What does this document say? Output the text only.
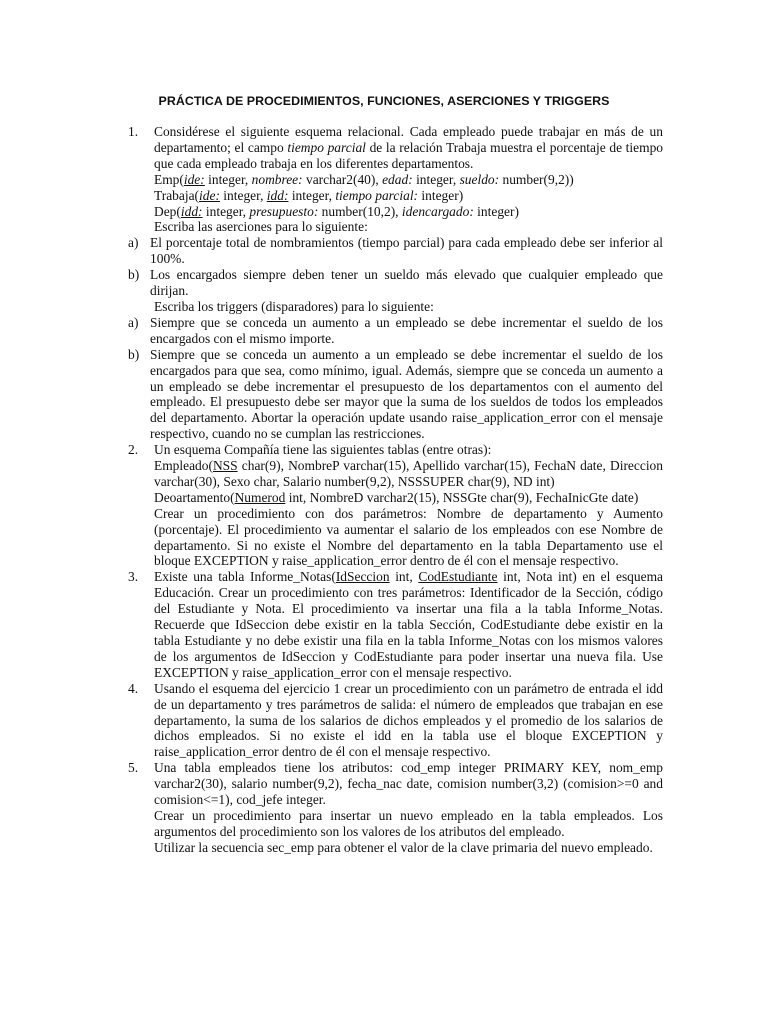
PRÁCTICA DE PROCEDIMIENTOS, FUNCIONES, ASERCIONES Y TRIGGERS
1. Considérese el siguiente esquema relacional. Cada empleado puede trabajar en más de un departamento; el campo tiempo parcial de la relación Trabaja muestra el porcentaje de tiempo que cada empleado trabaja en los diferentes departamentos.

Emp(ide: integer, nombree: varchar2(40), edad: integer, sueldo: number(9,2))

Trabaja(ide: integer, idd: integer, tiempo parcial: integer)

Dep(idd: integer, presupuesto: number(10,2), idencargado: integer)

Escriba las aserciones para lo siguiente:

a) El porcentaje total de nombramientos (tiempo parcial) para cada empleado debe ser inferior al 100%.
b) Los encargados siempre deben tener un sueldo más elevado que cualquier empleado que dirijan.

Escriba los triggers (disparadores) para lo siguiente:

a) Siempre que se conceda un aumento a un empleado se debe incrementar el sueldo de los encargados con el mismo importe.
b) Siempre que se conceda un aumento a un empleado se debe incrementar el sueldo de los encargados para que sea, como mínimo, igual. Además, siempre que se conceda un aumento a un empleado se debe incrementar el presupuesto de los departamentos con el aumento del empleado. El presupuesto debe ser mayor que la suma de los sueldos de todos los empleados del departamento. Abortar la operación update usando raise_application_error con el mensaje respectivo, cuando no se cumplan las restricciones.
2. Un esquema Compañía tiene las siguientes tablas (entre otras):

Empleado(NSS char(9), NombreP varchar(15), Apellido varchar(15), FechaN date, Direccion varchar(30), Sexo char, Salario number(9,2), NSSSUPER char(9), ND int)

Deoartamento(Numerod int, NombreD varchar2(15), NSSGte char(9), FechaInicGte date)

Crear un procedimiento con dos parámetros: Nombre de departamento y Aumento (porcentaje). El procedimiento va aumentar el salario de los empleados con ese Nombre de departamento. Si no existe el Nombre del departamento en la tabla Departamento use el bloque EXCEPTION y raise_application_error dentro de él con el mensaje respectivo.

3. Existe una tabla Informe_Notas(IdSeccion int, CodEstudiante int, Nota int) en el esquema Educación. Crear un procedimiento con tres parámetros: Identificador de la Sección, código del Estudiante y Nota. El procedimiento va insertar una fila a la tabla Informe_Notas. Recuerde que IdSeccion debe existir en la tabla Sección, CodEstudiante debe existir en la tabla Estudiante y no debe existir una fila en la tabla Informe_Notas con los mismos valores de los argumentos de IdSeccion y CodEstudiante para poder insertar una nueva fila. Use EXCEPTION y raise_application_error con el mensaje respectivo.

4. Usando el esquema del ejercicio 1 crear un procedimiento con un parámetro de entrada el idd de un departamento y tres parámetros de salida: el número de empleados que trabajan en ese departamento, la suma de los salarios de dichos empleados y el promedio de los salarios de dichos empleados. Si no existe el idd en la tabla use el bloque EXCEPTION y raise_application_error dentro de él con el mensaje respectivo.

5. Una tabla empleados tiene los atributos: cod_emp integer PRIMARY KEY, nom_emp varchar2(30), salario number(9,2), fecha_nac date, comision number(3,2) (comision>=0 and comision<=1), cod_jefe integer.

Crear un procedimiento para insertar un nuevo empleado en la tabla empleados. Los argumentos del procedimiento son los valores de los atributos del empleado.

Utilizar la secuencia sec_emp para obtener el valor de la clave primaria del nuevo empleado.
